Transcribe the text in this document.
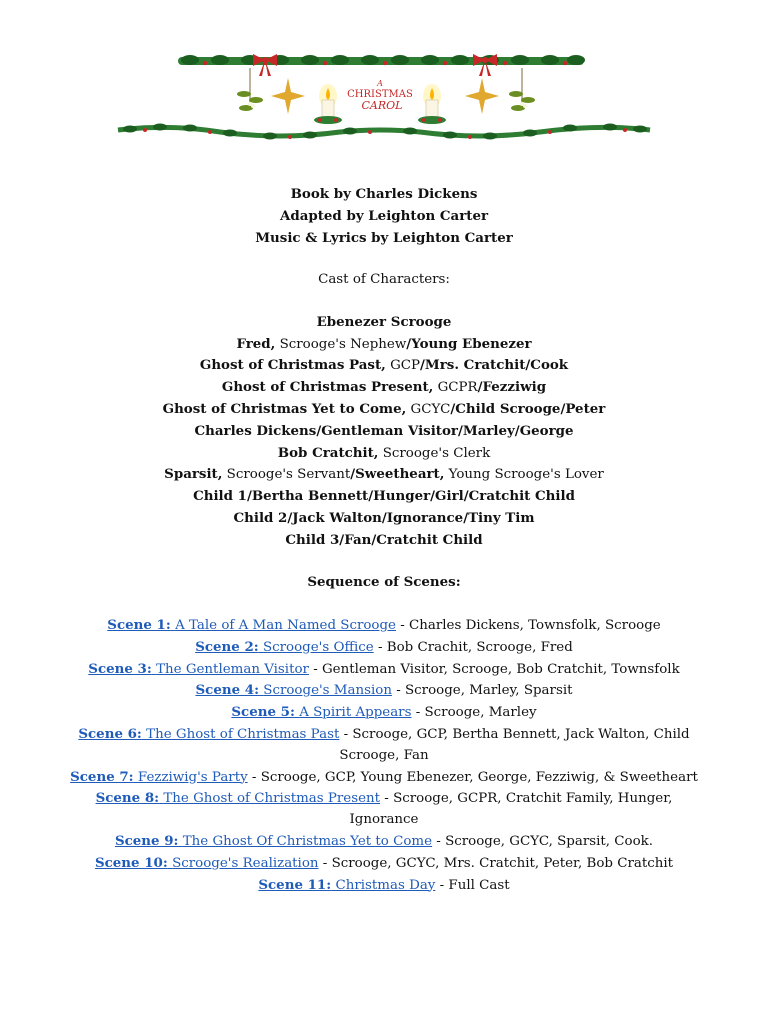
A
CHRISTMAS
CAROL
Book by Charles Dickens
Adapted by Leighton Carter
Music & Lyrics by Leighton Carter
Cast of Characters:
Ebenezer Scrooge
Fred, Scrooge's Nephew/Young Ebenezer
Ghost of Christmas Past, GCP/Mrs. Cratchit/Cook
Ghost of Christmas Present, GCPR/Fezziwig
Ghost of Christmas Yet to Come, GCYC/Child Scrooge/Peter
Charles Dickens/Gentleman Visitor/Marley/George
Bob Cratchit, Scrooge's Clerk
Sparsit, Scrooge's Servant/Sweetheart, Young Scrooge's Lover
Child 1/Bertha Bennett/Hunger/Girl/Cratchit Child
Child 2/Jack Walton/Ignorance/Tiny Tim
Child 3/Fan/Cratchit Child
Sequence of Scenes:
Scene 1: A Tale of A Man Named Scrooge - Charles Dickens, Townsfolk, Scrooge
Scene 2: Scrooge's Office - Bob Crachit, Scrooge, Fred
Scene 3: The Gentleman Visitor - Gentleman Visitor, Scrooge, Bob Cratchit, Townsfolk
Scene 4: Scrooge's Mansion - Scrooge, Marley, Sparsit
Scene 5: A Spirit Appears - Scrooge, Marley
Scene 6: The Ghost of Christmas Past - Scrooge, GCP, Bertha Bennett, Jack Walton, Child Scrooge, Fan
Scene 7: Fezziwig's Party - Scrooge, GCP, Young Ebenezer, George, Fezziwig, & Sweetheart
Scene 8: The Ghost of Christmas Present - Scrooge, GCPR, Cratchit Family, Hunger, Ignorance
Scene 9: The Ghost Of Christmas Yet to Come - Scrooge, GCYC, Sparsit, Cook.
Scene 10: Scrooge's Realization - Scrooge, GCYC, Mrs. Cratchit, Peter, Bob Cratchit
Scene 11: Christmas Day - Full Cast
